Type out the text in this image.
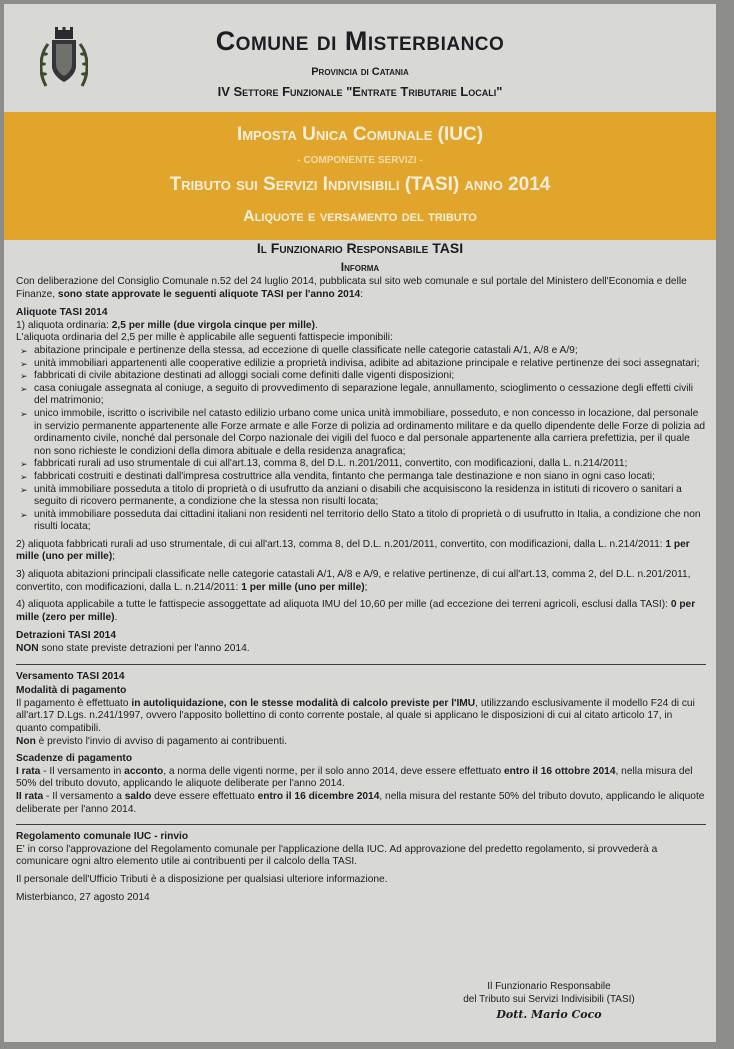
Comune di Misterbianco
Provincia di Catania
IV Settore Funzionale "Entrate Tributarie Locali"
Imposta Unica Comunale (IUC)
- COMPONENTE SERVIZI -
Tributo sui Servizi Indivisibili (TASI) anno 2014
Aliquote e versamento del tributo
Il Funzionario Responsabile TASI
Informa

Con deliberazione del Consiglio Comunale n.52 del 24 luglio 2014, pubblicata sul sito web comunale e sul portale del Ministero dell'Economia e delle Finanze, sono state approvate le seguenti aliquote TASI per l'anno 2014:

Aliquote TASI 2014

1) aliquota ordinaria: 2,5 per mille (due virgola cinque per mille).

L'aliquota ordinaria del 2,5 per mille è applicabile alle seguenti fattispecie imponibili:

➢ abitazione principale e pertinenze della stessa, ad eccezione di quelle classificate nelle categorie catastali A/1, A/8 e A/9;
➢ unità immobiliari appartenenti alle cooperative edilizie a proprietà indivisa, adibite ad abitazione principale e relative pertinenze dei soci assegnatari;
➢ fabbricati di civile abitazione destinati ad alloggi sociali come definiti dalle vigenti disposizioni;
➢ casa coniugale assegnata al coniuge, a seguito di provvedimento di separazione legale, annullamento, scioglimento o cessazione degli effetti civili del matrimonio;
➢ unico immobile, iscritto o iscrivibile nel catasto edilizio urbano come unica unità immobiliare, posseduto, e non concesso in locazione, dal personale in servizio permanente appartenente alle Forze armate e alle Forze di polizia ad ordinamento militare e da quello dipendente delle Forze di polizia ad ordinamento civile, nonché dal personale del Corpo nazionale dei vigili del fuoco e dal personale appartenente alla carriera prefettizia, per il quale non sono richieste le condizioni della dimora abituale e della residenza anagrafica;
➢ fabbricati rurali ad uso strumentale di cui all'art.13, comma 8, del D.L. n.201/2011, convertito, con modificazioni, dalla L. n.214/2011;
➢ fabbricati costruiti e destinati dall'impresa costruttrice alla vendita, fintanto che permanga tale destinazione e non siano in ogni caso locati;
➢ unità immobiliare posseduta a titolo di proprietà o di usufrutto da anziani o disabili che acquisiscono la residenza in istituti di ricovero o sanitari a seguito di ricovero permanente, a condizione che la stessa non risulti locata;
➢ unità immobiliare posseduta dai cittadini italiani non residenti nel territorio dello Stato a titolo di proprietà o di usufrutto in Italia, a condizione che non risulti locata;

2) aliquota fabbricati rurali ad uso strumentale, di cui all'art.13, comma 8, del D.L. n.201/2011, convertito, con modificazioni, dalla L. n.214/2011: 1 per mille (uno per mille);

3) aliquota abitazioni principali classificate nelle categorie catastali A/1, A/8 e A/9, e relative pertinenze, di cui all'art.13, comma 2, del D.L. n.201/2011, convertito, con modificazioni, dalla L. n.214/2011: 1 per mille (uno per mille);

4) aliquota applicabile a tutte le fattispecie assoggettate ad aliquota IMU del 10,60 per mille (ad eccezione dei terreni agricoli, esclusi dalla TASI): 0 per mille (zero per mille).

Detrazioni TASI 2014

NON sono state previste detrazioni per l'anno 2014.

Versamento TASI 2014

Modalità di pagamento

Il pagamento è effettuato in autoliquidazione, con le stesse modalità di calcolo previste per l'IMU, utilizzando esclusivamente il modello F24 di cui all'art.17 D.Lgs. n.241/1997, ovvero l'apposito bollettino di conto corrente postale, al quale si applicano le disposizioni di cui al citato articolo 17, in quanto compatibili.

Non è previsto l'invio di avviso di pagamento ai contribuenti.

Scadenze di pagamento

I rata - Il versamento in acconto, a norma delle vigenti norme, per il solo anno 2014, deve essere effettuato entro il 16 ottobre 2014, nella misura del 50% del tributo dovuto, applicando le aliquote deliberate per l'anno 2014.

II rata - Il versamento a saldo deve essere effettuato entro il 16 dicembre 2014, nella misura del restante 50% del tributo dovuto, applicando le aliquote deliberate per l'anno 2014.

Regolamento comunale IUC - rinvio

E' in corso l'approvazione del Regolamento comunale per l'applicazione della IUC. Ad approvazione del predetto regolamento, si provvederà a comunicare ogni altro elemento utile ai contribuenti per il calcolo della TASI.

Il personale dell'Ufficio Tributi è a disposizione per qualsiasi ulteriore informazione.

Misterbianco, 27 agosto 2014

Il Funzionario Responsabile
del Tributo sui Servizi Indivisibili (TASI)
Dott. Mario Coco
